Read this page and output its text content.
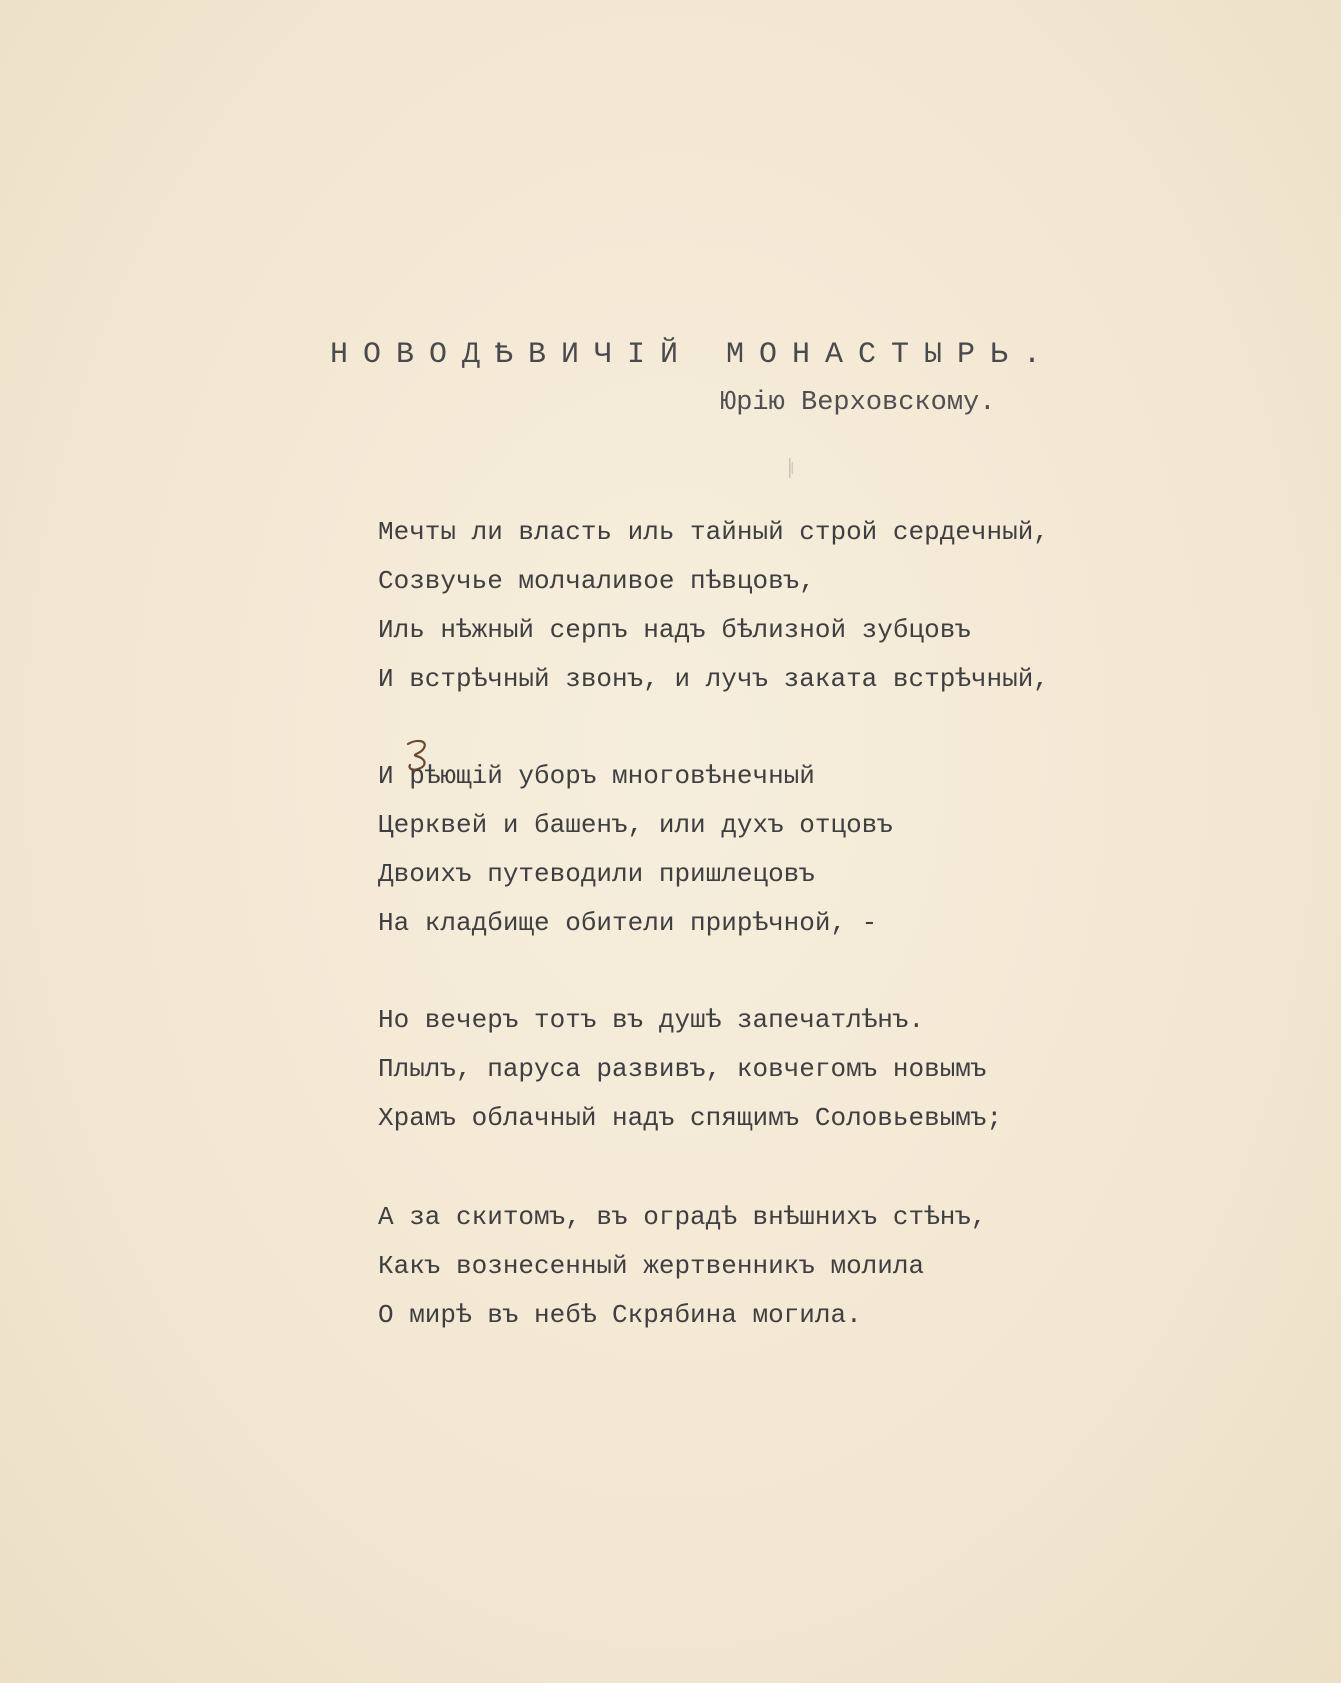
НОВОДѢВИЧІЙ МОНАСТЫРЬ.
Юрію Верховскому.
Мечты ли власть иль тайный строй сердечный,
Созвучье молчаливое пѣвцовъ,
Иль нѣжный серпъ надъ бѣлизной зубцовъ
И встрѣчный звонъ, и лучъ заката встрѣчный,
И рѣющій уборъ многовѣнечный
Церквей и башенъ, или духъ отцовъ
Двоихъ путеводили пришлецовъ
На кладбище обители прирѣчной, -
Но вечеръ тотъ въ душѣ запечатлѣнъ.
Плылъ, паруса развивъ, ковчегомъ новымъ
Храмъ облачный надъ спящимъ Соловьевымъ;
А за скитомъ, въ оградѣ внѣшнихъ стѣнъ,
Какъ вознесенный жертвенникъ молила
О мирѣ въ небѣ Скрябина могила.
